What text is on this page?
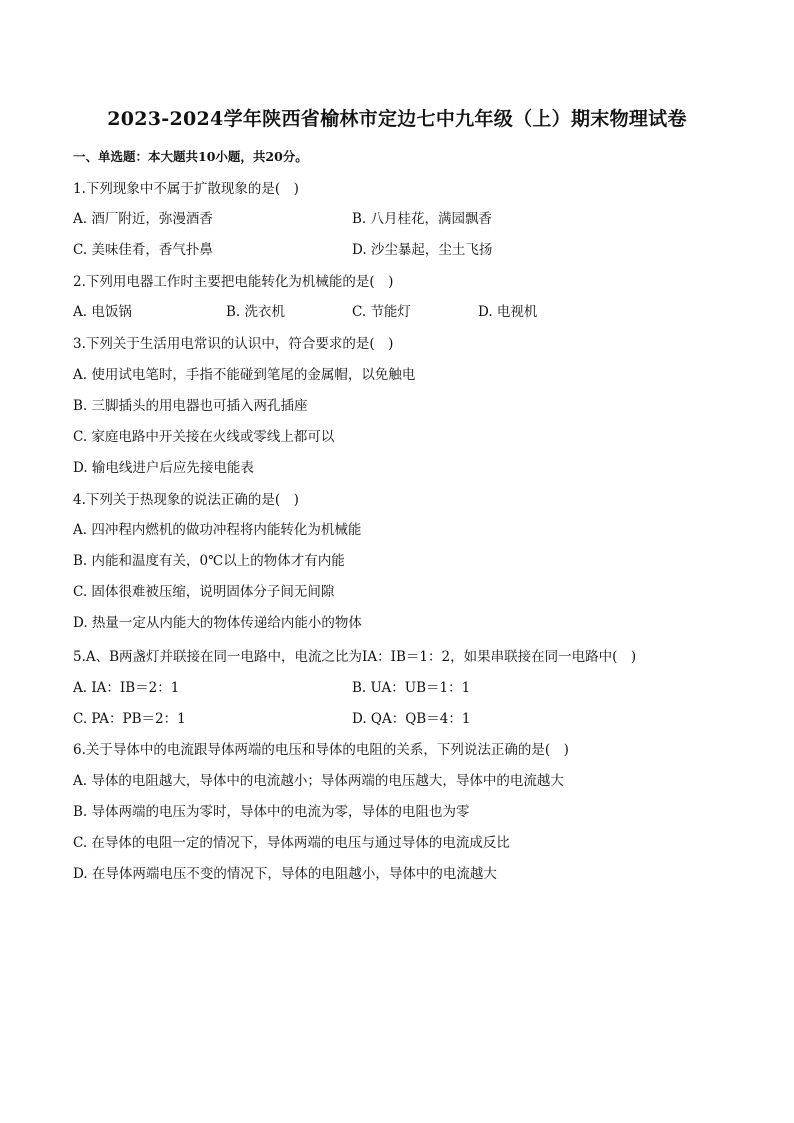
2023-2024学年陕西省榆林市定边七中九年级（上）期末物理试卷
一、单选题：本大题共10小题，共20分。
1.下列现象中不属于扩散现象的是(　)
A. 酒厂附近，弥漫酒香	B. 八月桂花，满园飘香
C. 美味佳肴，香气扑鼻	D. 沙尘暴起，尘土飞扬
2.下列用电器工作时主要把电能转化为机械能的是(　)
A. 电饭锅	B. 洗衣机	C. 节能灯	D. 电视机
3.下列关于生活用电常识的认识中，符合要求的是(　)
A. 使用试电笔时，手指不能碰到笔尾的金属帽，以免触电
B. 三脚插头的用电器也可插入两孔插座
C. 家庭电路中开关接在火线或零线上都可以
D. 输电线进户后应先接电能表
4.下列关于热现象的说法正确的是(　)
A. 四冲程内燃机的做功冲程将内能转化为机械能
B. 内能和温度有关，0℃以上的物体才有内能
C. 固体很难被压缩，说明固体分子间无间隙
D. 热量一定从内能大的物体传递给内能小的物体
5.A、B两盏灯并联接在同一电路中，电流之比为IA：IB＝1：2，如果串联接在同一电路中(　)
A. IA：IB＝2：1	B. UA：UB＝1：1
C. PA：PB＝2：1	D. QA：QB＝4：1
6.关于导体中的电流跟导体两端的电压和导体的电阻的关系，下列说法正确的是(　)
A. 导体的电阻越大，导体中的电流越小；导体两端的电压越大，导体中的电流越大
B. 导体两端的电压为零时，导体中的电流为零，导体的电阻也为零
C. 在导体的电阻一定的情况下，导体两端的电压与通过导体的电流成反比
D. 在导体两端电压不变的情况下，导体的电阻越小，导体中的电流越大
